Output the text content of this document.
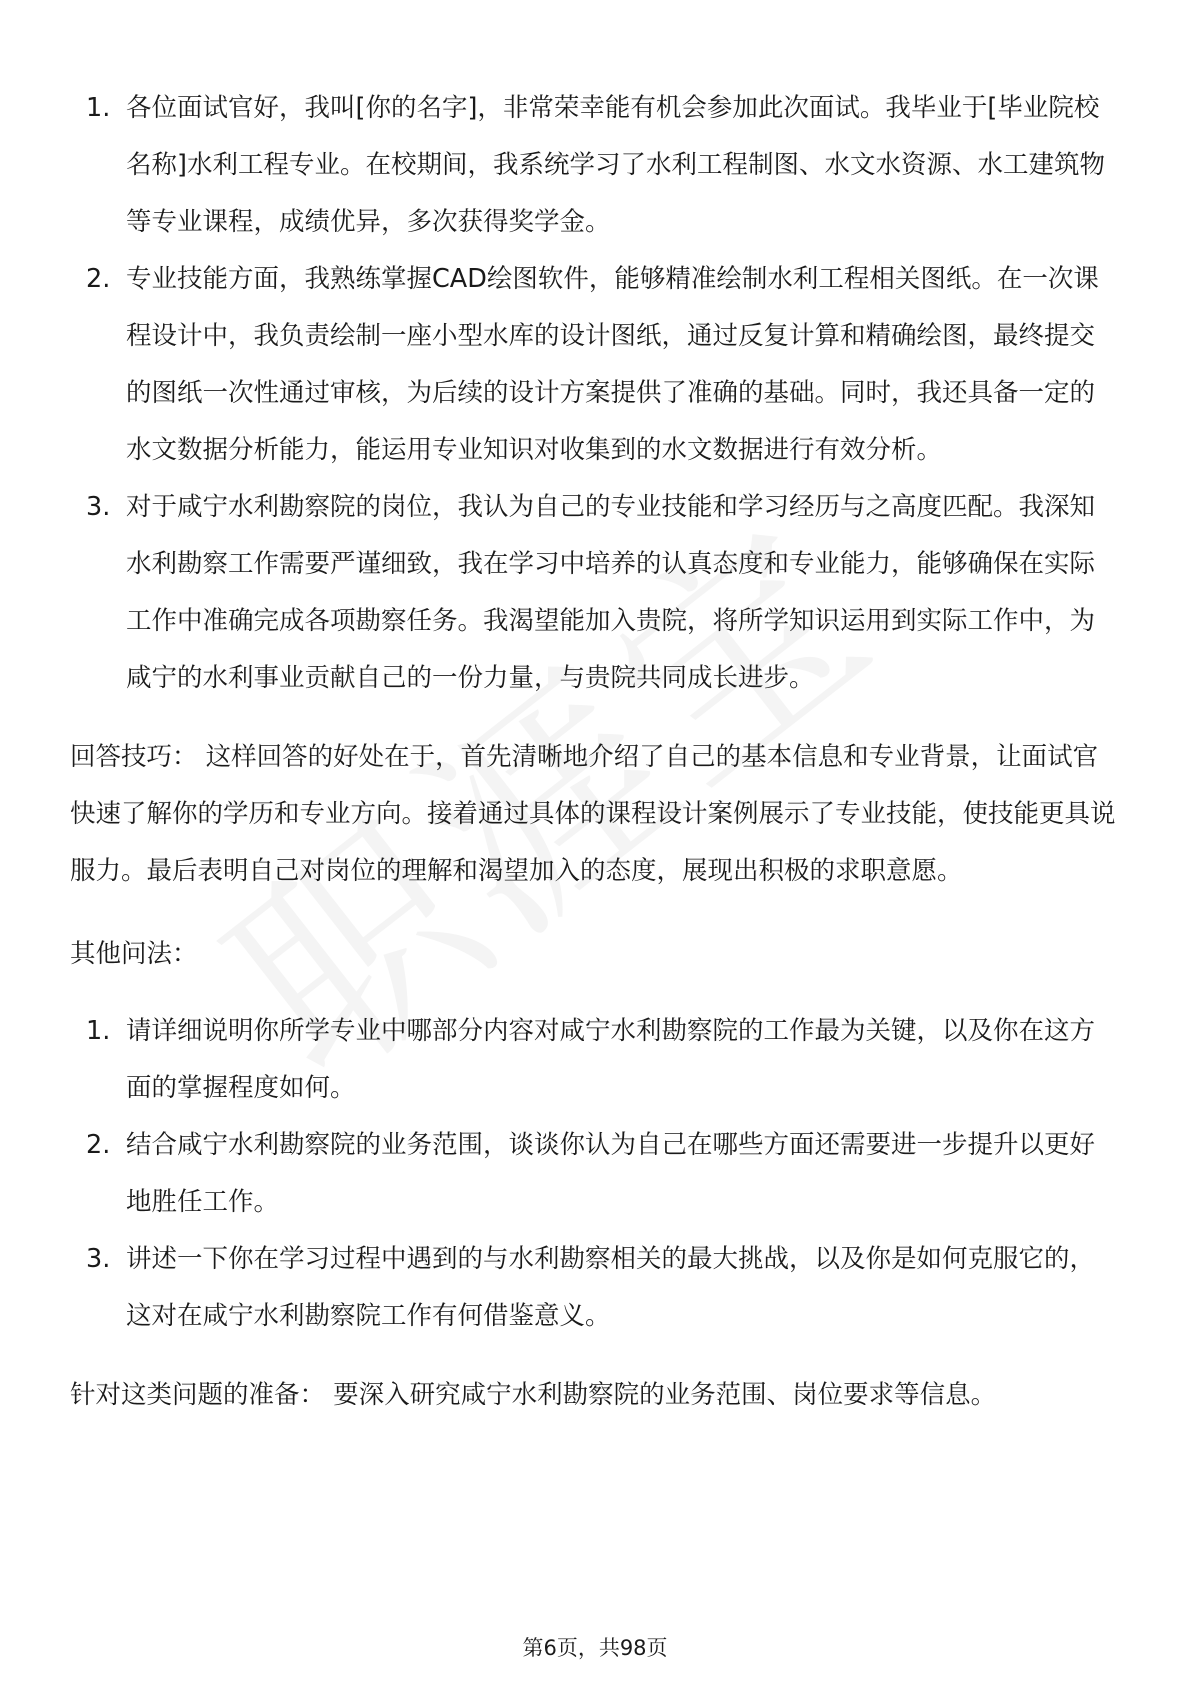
1. 各位面试官好，我叫[你的名字]，非常荣幸能有机会参加此次面试。我毕业于[毕业院校名称]水利工程专业。在校期间，我系统学习了水利工程制图、水文水资源、水工建筑物等专业课程，成绩优异，多次获得奖学金。
2. 专业技能方面，我熟练掌握CAD绘图软件，能够精准绘制水利工程相关图纸。在一次课程设计中，我负责绘制一座小型水库的设计图纸，通过反复计算和精确绘图，最终提交的图纸一次性通过审核，为后续的设计方案提供了准确的基础。同时，我还具备一定的水文数据分析能力，能运用专业知识对收集到的水文数据进行有效分析。
3. 对于咸宁水利勘察院的岗位，我认为自己的专业技能和学习经历与之高度匹配。我深知水利勘察工作需要严谨细致，我在学习中培养的认真态度和专业能力，能够确保在实际工作中准确完成各项勘察任务。我渴望能加入贵院，将所学知识运用到实际工作中，为咸宁的水利事业贡献自己的一份力量，与贵院共同成长进步。

回答技巧： 这样回答的好处在于，首先清晰地介绍了自己的基本信息和专业背景，让面试官快速了解你的学历和专业方向。接着通过具体的课程设计案例展示了专业技能，使技能更具说服力。最后表明自己对岗位的理解和渴望加入的态度，展现出积极的求职意愿。

其他问法：

1. 请详细说明你所学专业中哪部分内容对咸宁水利勘察院的工作最为关键，以及你在这方面的掌握程度如何。
2. 结合咸宁水利勘察院的业务范围，谈谈你认为自己在哪些方面还需要进一步提升以更好地胜任工作。
3. 讲述一下你在学习过程中遇到的与水利勘察相关的最大挑战，以及你是如何克服它的，这对在咸宁水利勘察院工作有何借鉴意义。

针对这类问题的准备： 要深入研究咸宁水利勘察院的业务范围、岗位要求等信息。

第6页，共98页
